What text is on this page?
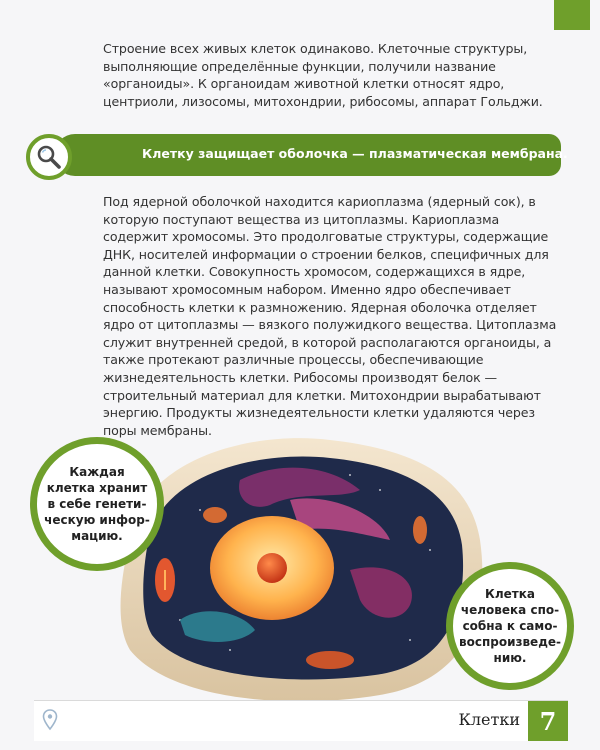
Строение всех живых клеток одинаково. Клеточные структуры, выполняющие определённые функции, получили название «органоиды». К органоидам животной клетки относят ядро, центриоли, лизосомы, митохондрии, рибосомы, аппарат Гольджи.

Клетку защищает оболочка — плазматическая мембрана.

Под ядерной оболочкой находится кариоплазма (ядерный сок), в которую поступают вещества из цитоплазмы. Кариоплазма содержит хромосомы. Это продолговатые структуры, содержащие ДНК, носителей информации о строении белков, специфичных для данной клетки. Совокупность хромосом, содержащихся в ядре, называют хромосомным набором. Именно ядро обеспечивает способность клетки к размножению. Ядерная оболочка отделяет ядро от цитоплазмы — вязкого полужидкого вещества. Цитоплазма служит внутренней средой, в которой располагаются органоиды, а также протекают различные процессы, обеспечивающие жизнедеятельность клетки. Рибосомы производят белок — строительный материал для клетки. Митохондрии вырабатывают энергию. Продукты жизнедеятельности клетки удаляются через поры мембраны.

Каждая
клетка хранит
в себе генети-
ческую инфор-
мацию.

Клетка
человека спо-
собна к само-
воспроизведе-
нию.

Клетки 7
